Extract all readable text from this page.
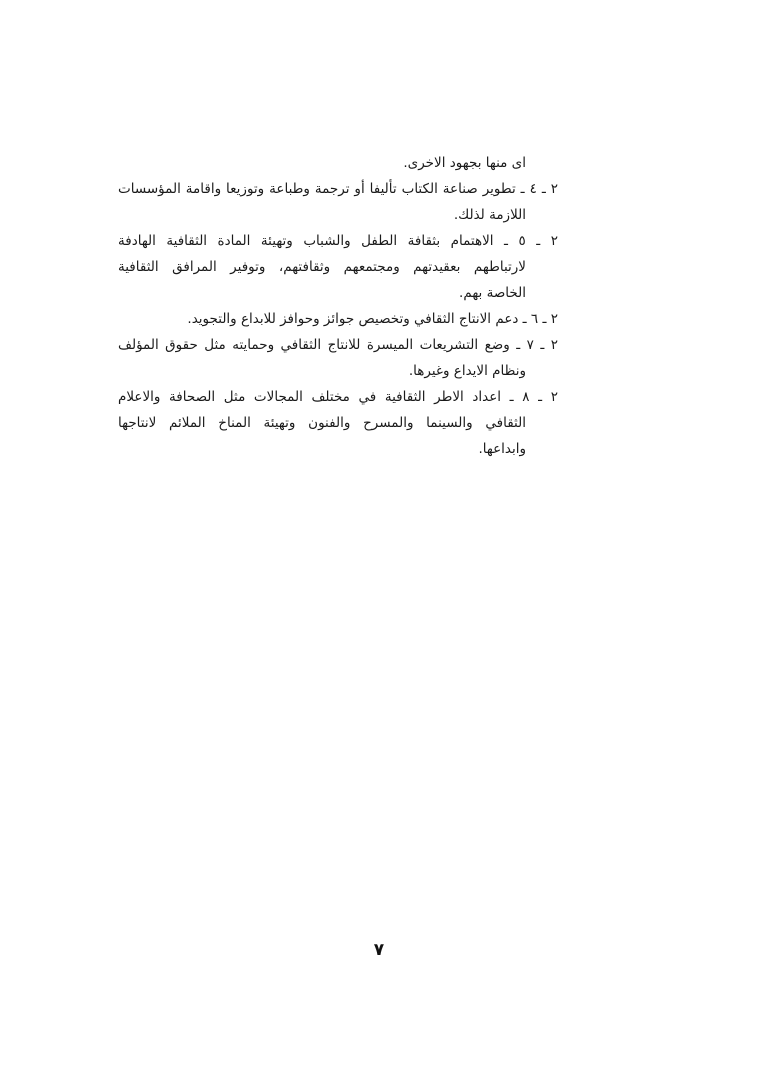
اى منها بجهود الاخرى.
٢ ـ ٤ ـ تطوير صناعة الكتاب تأليفا أو ترجمة وطباعة وتوزيعا واقامة المؤسسات
اللازمة لذلك.
٢ ـ ٥ ـ الاهتمام بثقافة الطفل والشباب وتهيئة المادة الثقافية الهادفة
لارتباطهم بعقيدتهم ومجتمعهم وثقافتهم، وتوفير المرافق الثقافية
الخاصة بهم.
٢ ـ ٦ ـ دعم الانتاج الثقافي وتخصيص جوائز وحوافز للابداع والتجويد.
٢ ـ ٧ ـ وضع التشريعات الميسرة للانتاج الثقافي وحمايته مثل حقوق المؤلف
ونظام الايداع وغيرها.
٢ ـ ٨ ـ اعداد الاطر الثقافية في مختلف المجالات مثل الصحافة والاعلام
الثقافي والسينما والمسرح والفنون وتهيئة المناخ الملائم لانتاجها
وابداعها.
٧
